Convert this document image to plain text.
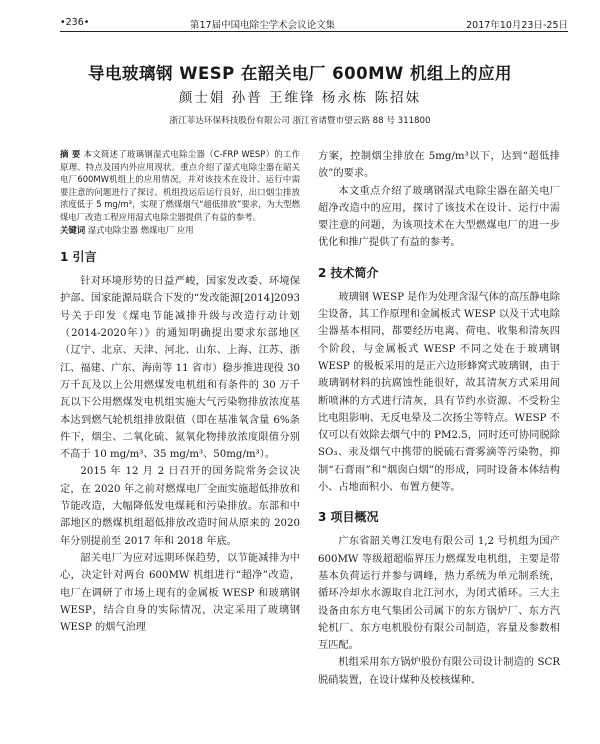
•236•	第17届中国电除尘学术会议论文集	2017年10月23日-25日
导电玻璃钢 WESP 在韶关电厂 600MW 机组上的应用
颜士娟 孙普 王维锋 杨永栋 陈招妹
浙江菲达环保科技股份有限公司 浙江省诸暨市望云路 88 号 311800

摘 要 本文简述了玻璃钢湿式电除尘器（C-FRP WESP）的工作原理、特点及国内外应用现状。重点介绍了湿式电除尘器在韶关电厂600MW机组上的应用情况，并对该技术在设计、运行中需要注意的问题进行了探讨。机组投运后运行良好，出口烟尘排放浓度低于 5 mg/m³，实现了燃煤烟气“超低排放”要求，为大型燃煤电厂改造工程应用湿式电除尘器提供了有益的参考。

关键词 湿式电除尘器 燃煤电厂 应用

1 引言

针对环境形势的日益严峻，国家发改委、环境保护部、国家能源局联合下发的“发改能源[2014]2093 号关于印发《煤电节能减排升级与改造行动计划（2014-2020年）》的通知明确提出要求东部地区（辽宁、北京、天津、河北、山东、上海、江苏、浙江、福建、广东、海南等 11 省市）稳步推进现役 30 万千瓦及以上公用燃煤发电机组和有条件的 30 万千瓦以下公用燃煤发电机组实施大气污染物排放浓度基本达到燃气轮机组排放限值（即在基准氧含量 6%条件下，烟尘、二氧化硫、氮氧化物排放浓度限值分别不高于 10 mg/m³、35 mg/m³、50mg/m³）。

2015 年 12 月 2 日召开的国务院常务会议决定，在 2020 年之前对燃煤电厂全面实施超低排放和节能改造，大幅降低发电煤耗和污染排放。东部和中部地区的燃煤机组超低排放改造时间从原来的 2020 年分别提前至 2017 年和 2018 年底。

韶关电厂为应对远期环保趋势，以节能减排为中心，决定针对两台 600MW 机组进行“超净”改造，电厂在调研了市场上现有的金属板 WESP 和玻璃钢 WESP，结合自身的实际情况，决定采用了玻璃钢 WESP 的烟气治理

方案，控制烟尘排放在 5mg/m³以下，达到“超低排放”的要求。

本文重点介绍了玻璃钢湿式电除尘器在韶关电厂超净改造中的应用，探讨了该技术在设计、运行中需要注意的问题，为该项技术在大型燃煤电厂的进一步优化和推广提供了有益的参考。

2 技术简介

玻璃钢 WESP 是作为处理含湿气体的高压静电除尘设备，其工作原理和金属板式 WESP 以及干式电除尘器基本相同，都要经历电离、荷电、收集和清灰四个阶段，与金属板式 WESP 不同之处在于玻璃钢 WESP 的极板采用的是正六边形蜂窝式玻璃钢，由于玻璃钢材料的抗腐蚀性能很好，故其清灰方式采用间断喷淋的方式进行清灰，具有节约水资源、不受粉尘比电阻影响、无反电晕及二次扬尘等特点。WESP 不仅可以有效除去烟气中的 PM2.5，同时还可协同脱除 SO₃、汞及烟气中携带的脱硫石膏雾滴等污染物，抑制“石膏雨”和“烟囱白烟”的形成，同时设备本体结构小、占地面积小、布置方便等。

3 项目概况

广东省韶关粤江发电有限公司 1,2 号机组为国产 600MW 等级超超临界压力燃煤发电机组，主要是带基本负荷运行并参与调峰，热力系统为单元制系统，循环冷却水水源取自北江河水，为闭式循环。三大主设备由东方电气集团公司属下的东方锅炉厂、东方汽轮机厂、东方电机股份有限公司制造，容量及参数相互匹配。

机组采用东方锅炉股份有限公司设计制造的 SCR 脱硝装置，在设计煤种及校核煤种、
